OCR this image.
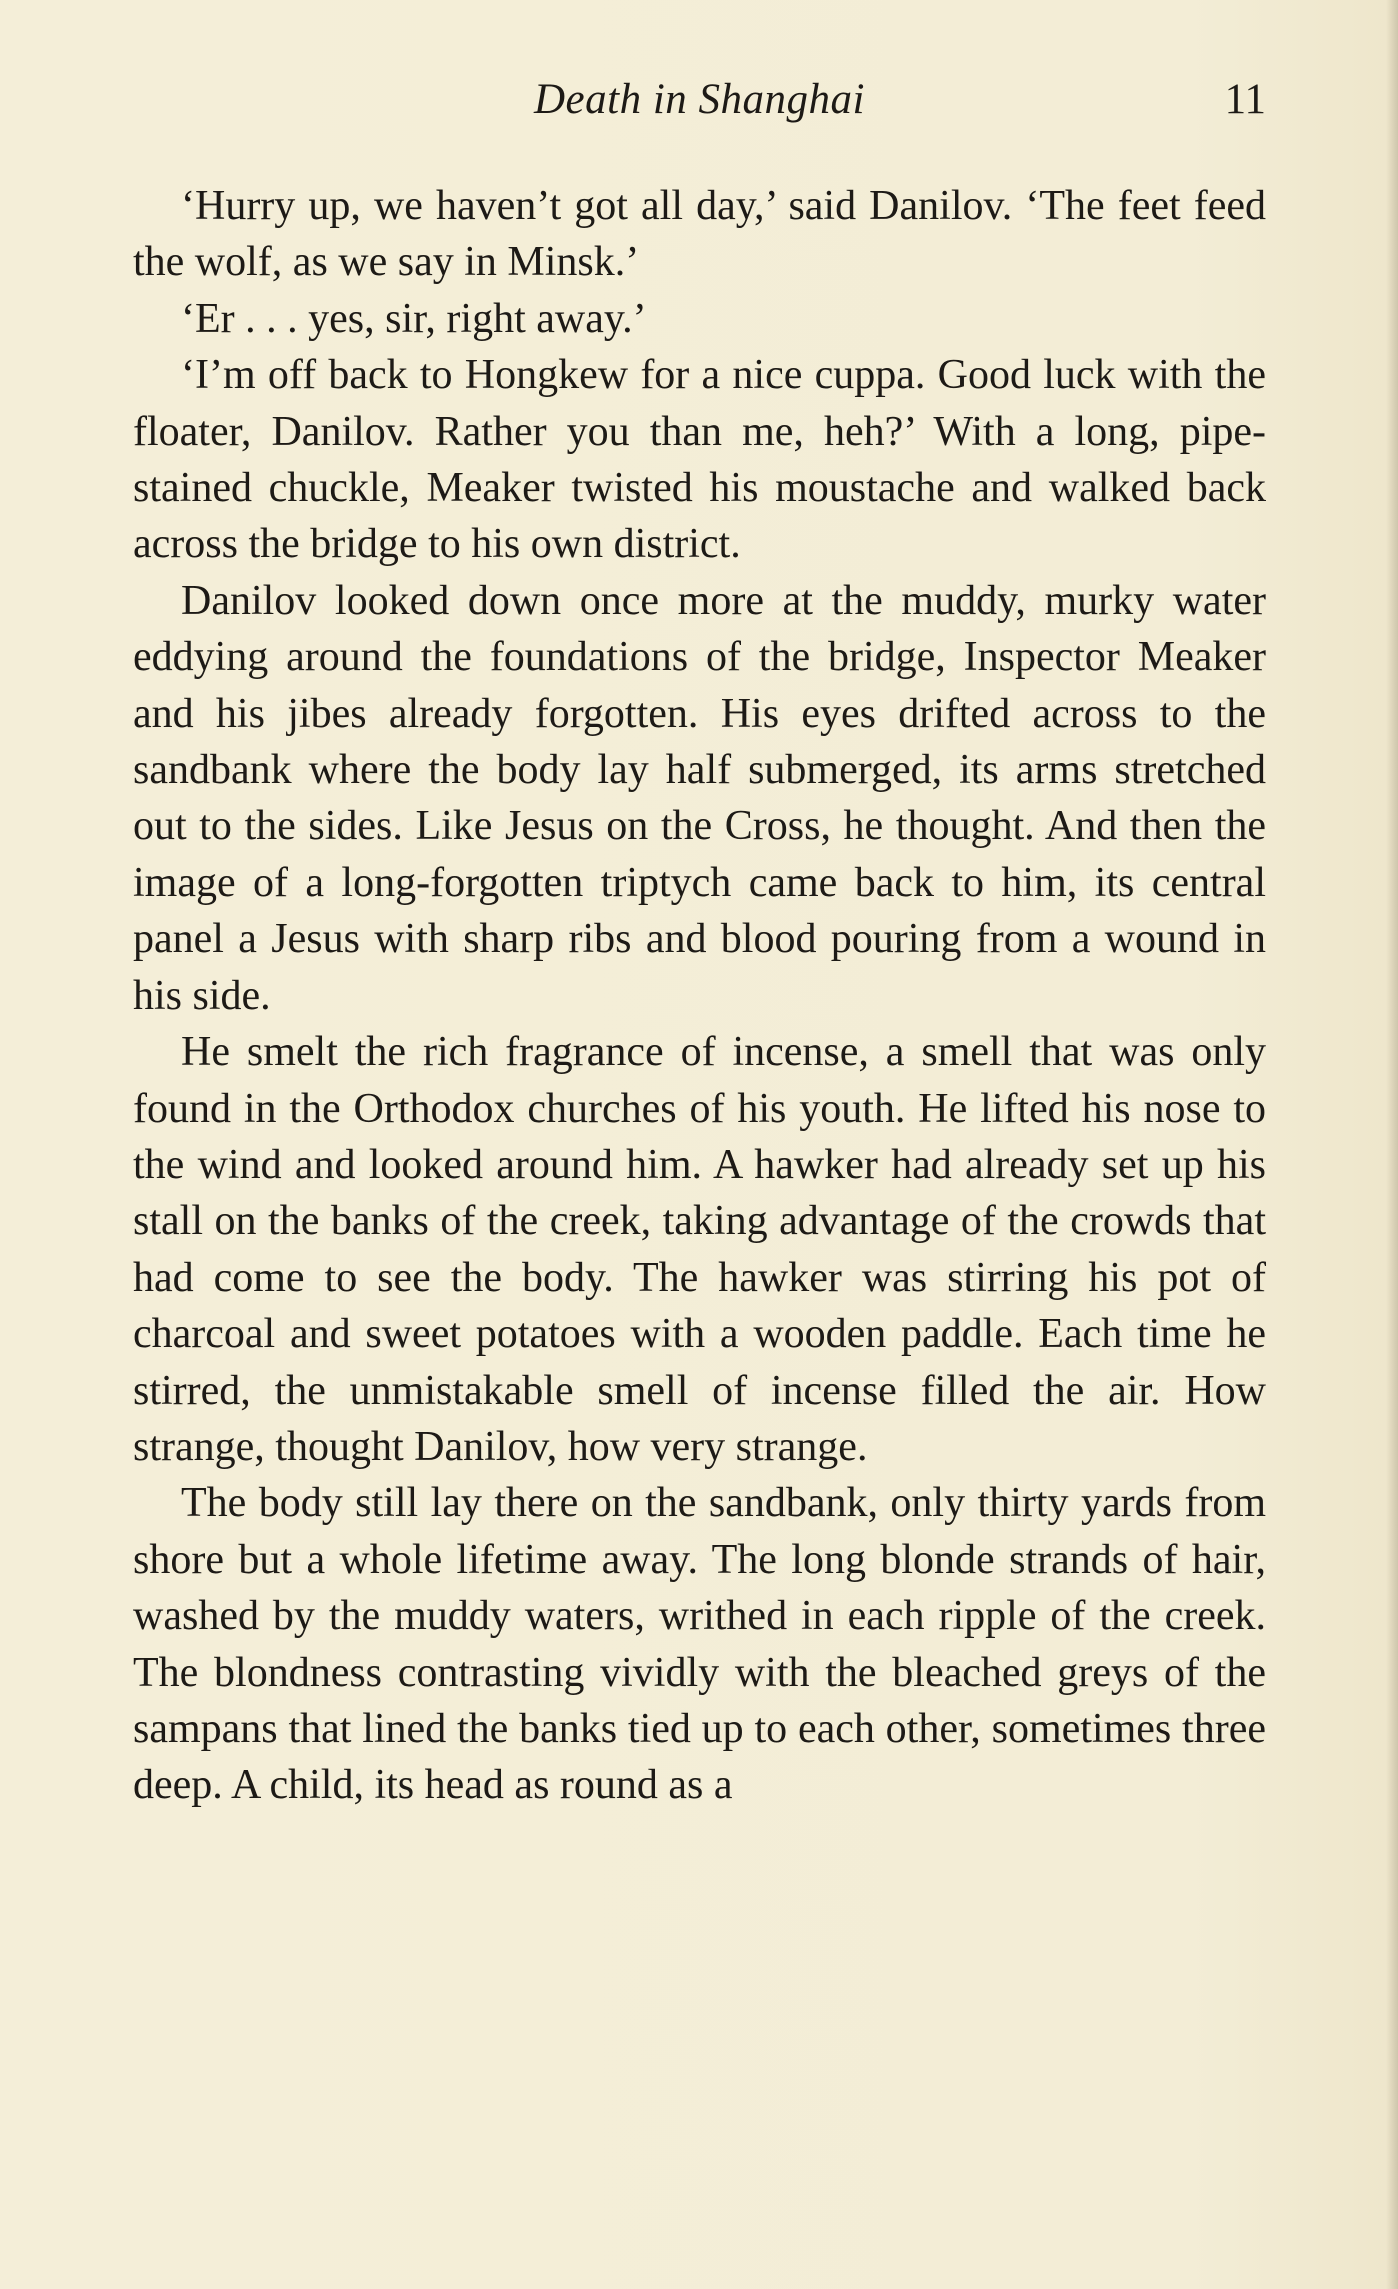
Death in Shanghai	11

‘Hurry up, we haven’t got all day,’ said Danilov. ‘The feet feed the wolf, as we say in Minsk.’

‘Er . . . yes, sir, right away.’

‘I’m off back to Hongkew for a nice cuppa. Good luck with the floater, Danilov. Rather you than me, heh?’ With a long, pipe-stained chuckle, Meaker twisted his moustache and walked back across the bridge to his own district.

Danilov looked down once more at the muddy, murky water eddying around the foundations of the bridge, Inspector Meaker and his jibes already forgotten. His eyes drifted across to the sandbank where the body lay half submerged, its arms stretched out to the sides. Like Jesus on the Cross, he thought. And then the image of a long-forgotten triptych came back to him, its central panel a Jesus with sharp ribs and blood pouring from a wound in his side.

He smelt the rich fragrance of incense, a smell that was only found in the Orthodox churches of his youth. He lifted his nose to the wind and looked around him. A hawker had already set up his stall on the banks of the creek, taking advantage of the crowds that had come to see the body. The hawker was stirring his pot of charcoal and sweet potatoes with a wooden paddle. Each time he stirred, the unmistakable smell of incense filled the air. How strange, thought Danilov, how very strange.

The body still lay there on the sandbank, only thirty yards from shore but a whole lifetime away. The long blonde strands of hair, washed by the muddy waters, writhed in each ripple of the creek. The blondness contrasting vividly with the bleached greys of the sampans that lined the banks tied up to each other, sometimes three deep. A child, its head as round as a
